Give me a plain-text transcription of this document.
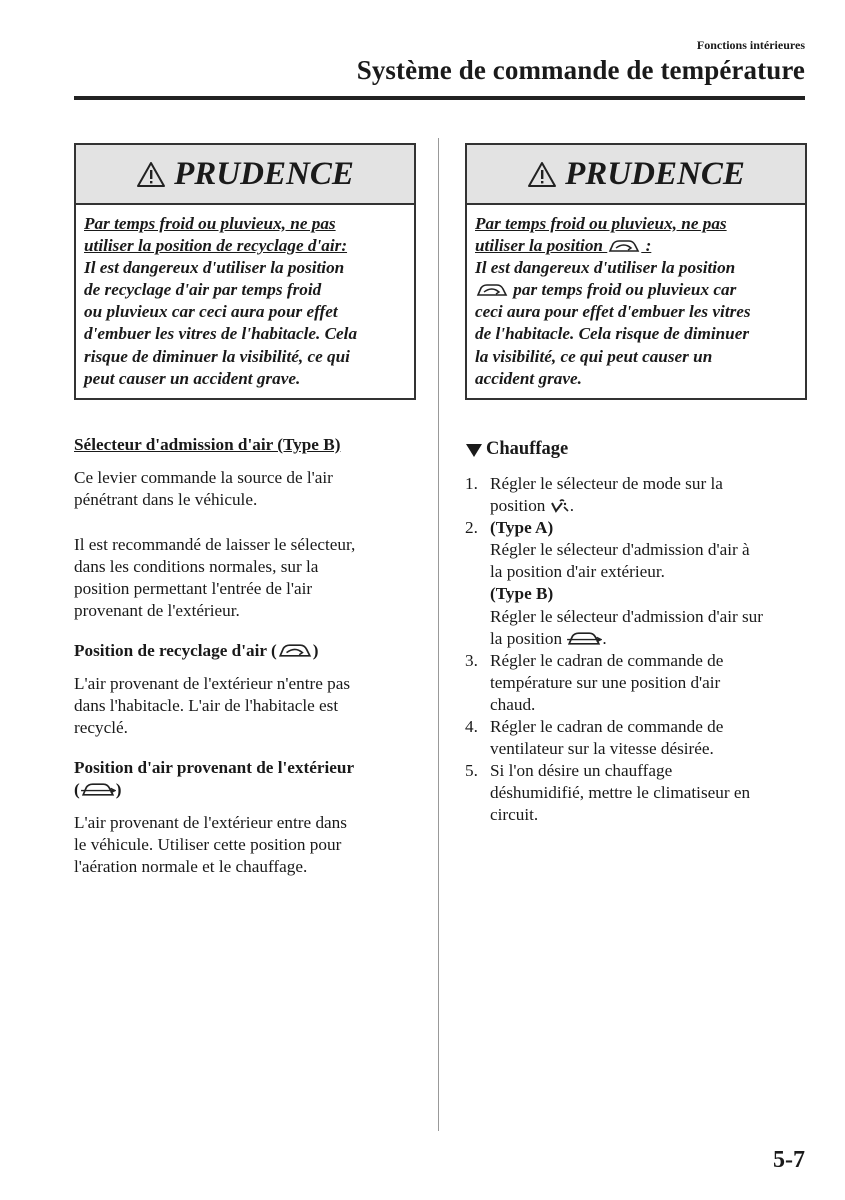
Fonctions intérieures
Système de commande de température
PRUDENCE
Par temps froid ou pluvieux, ne pas
utiliser la position de recyclage d'air:
Il est dangereux d'utiliser la position
de recyclage d'air par temps froid
ou pluvieux car ceci aura pour effet
d'embuer les vitres de l'habitacle. Cela
risque de diminuer la visibilité, ce qui
peut causer un accident grave.
PRUDENCE
Par temps froid ou pluvieux, ne pas
utiliser la position  :
Il est dangereux d'utiliser la position
par temps froid ou pluvieux car
ceci aura pour effet d'embuer les vitres
de l'habitacle. Cela risque de diminuer
la visibilité, ce qui peut causer un
accident grave.
Sélecteur d'admission d'air (Type B)
Ce levier commande la source de l'air
pénétrant dans le véhicule.
Il est recommandé de laisser le sélecteur,
dans les conditions normales, sur la
position permettant l'entrée de l'air
provenant de l'extérieur.
Position de recyclage d'air ( )
L'air provenant de l'extérieur n'entre pas
dans l'habitacle. L'air de l'habitacle est
recyclé.
Position d'air provenant de l'extérieur
( )
L'air provenant de l'extérieur entre dans
le véhicule. Utiliser cette position pour
l'aération normale et le chauffage.
Chauffage
1. Régler le sélecteur de mode sur la
position .
2. (Type A)
Régler le sélecteur d'admission d'air à
la position d'air extérieur.
(Type B)
Régler le sélecteur d'admission d'air sur
la position .
3. Régler le cadran de commande de
température sur une position d'air
chaud.
4. Régler le cadran de commande de
ventilateur sur la vitesse désirée.
5. Si l'on désire un chauffage
déshumidifié, mettre le climatiseur en
circuit.
5-7
